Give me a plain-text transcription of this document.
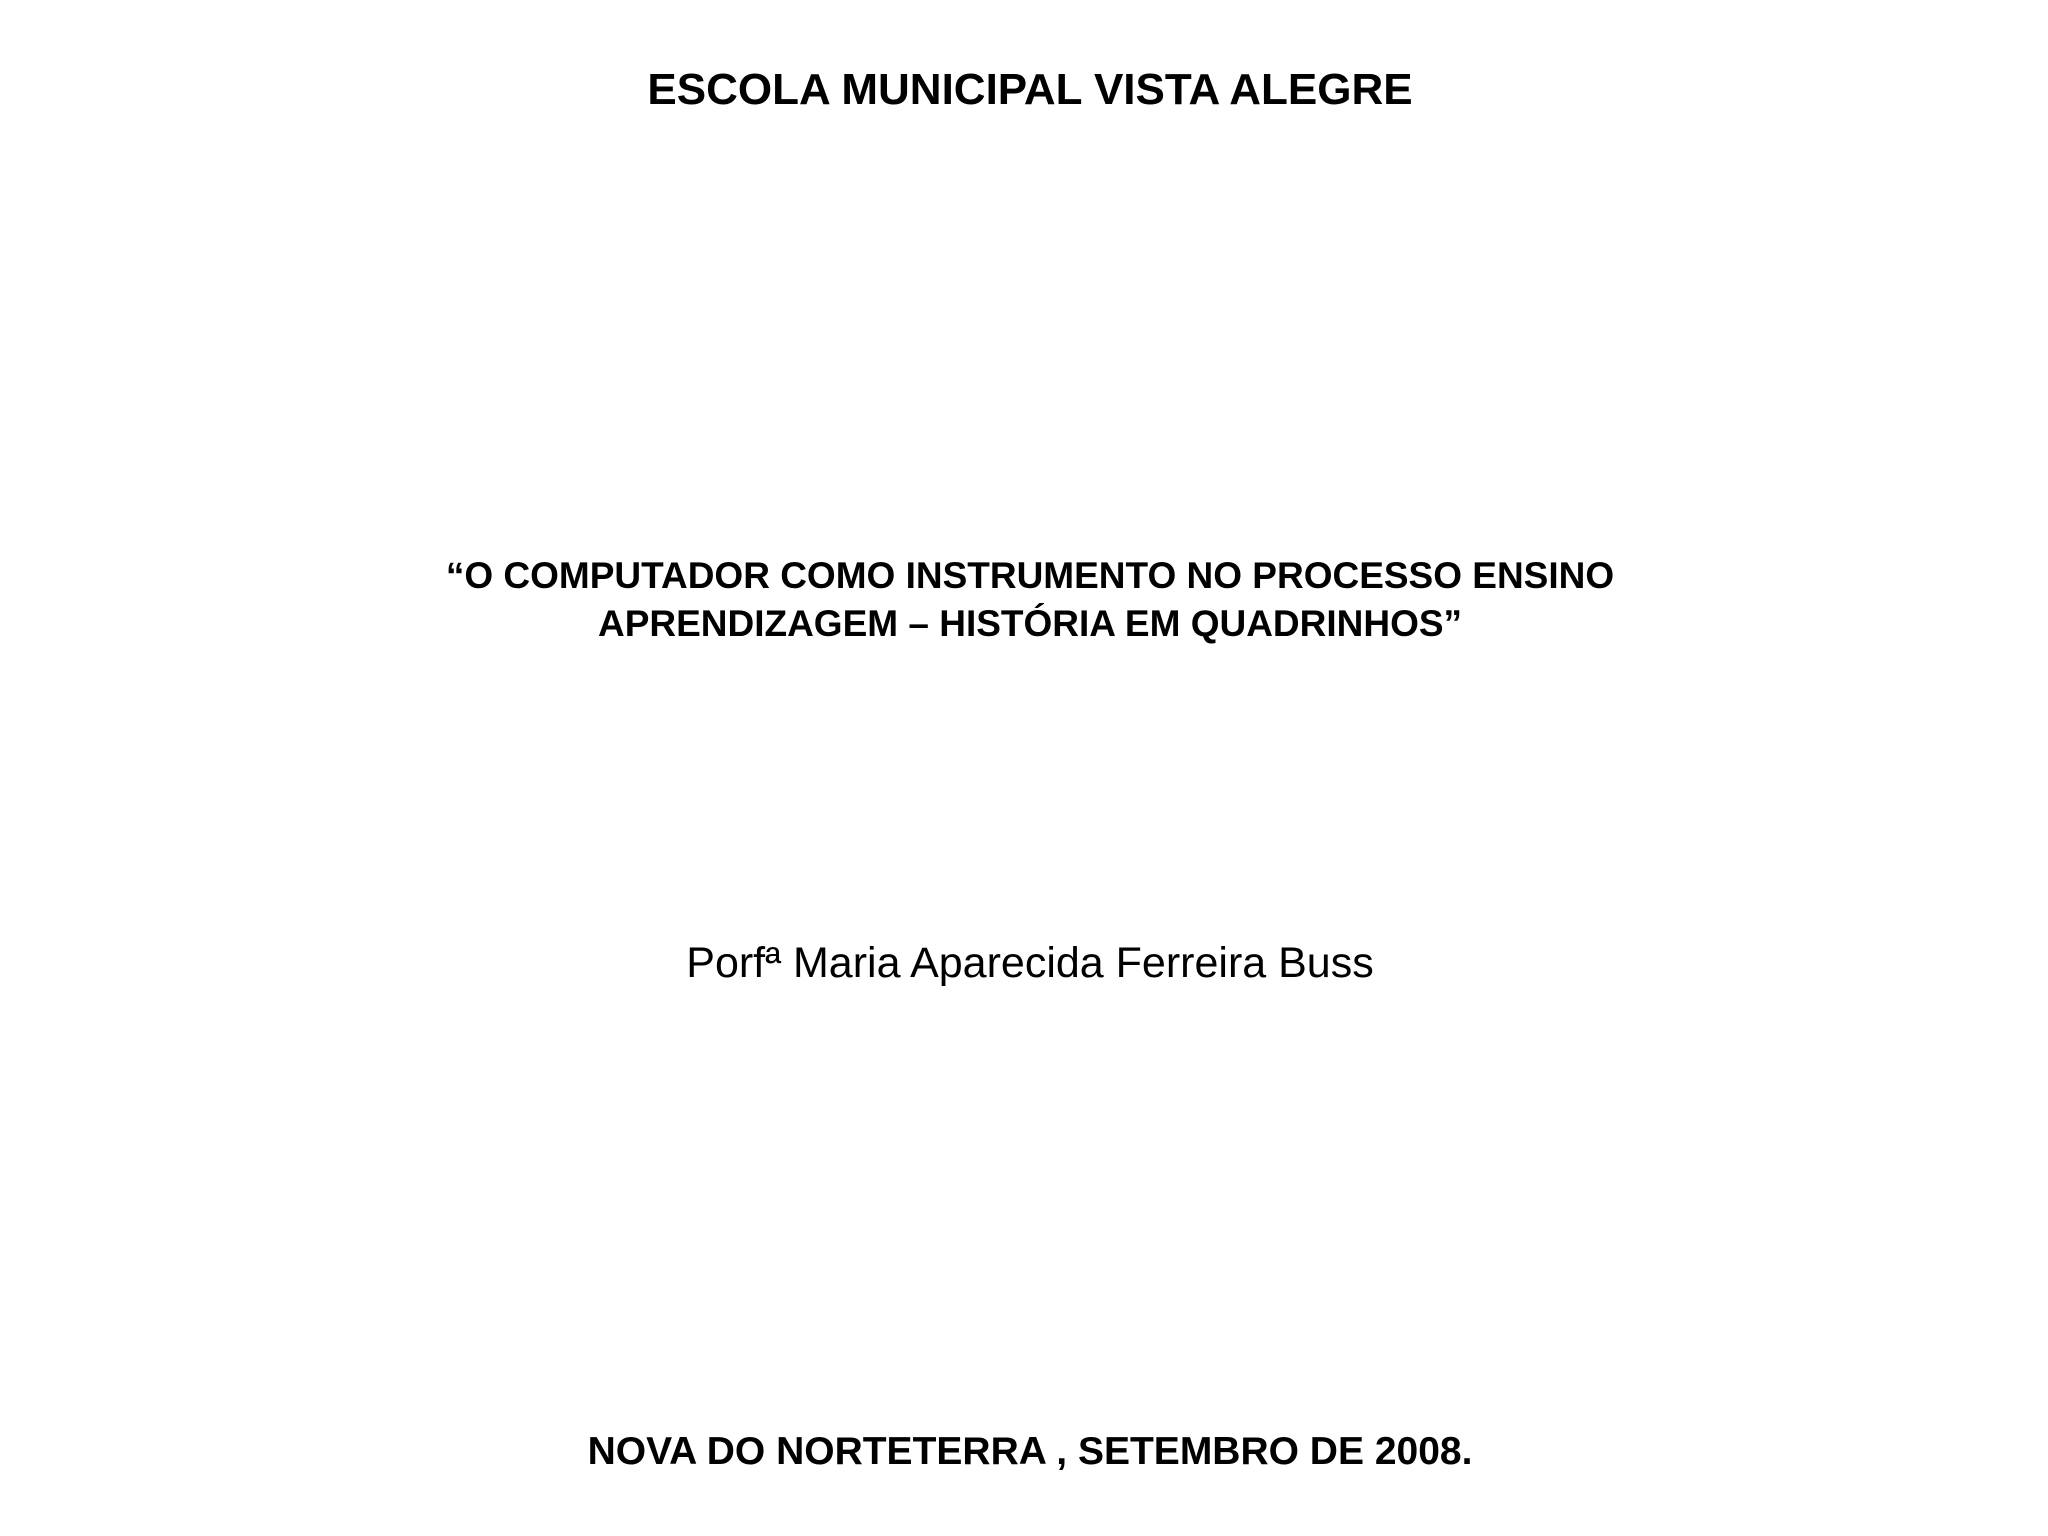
ESCOLA MUNICIPAL VISTA ALEGRE
“O COMPUTADOR COMO INSTRUMENTO NO PROCESSO ENSINO
APRENDIZAGEM – HISTÓRIA EM QUADRINHOS”
Porfª Maria Aparecida Ferreira Buss
NOVA DO NORTETERRA , SETEMBRO DE 2008.
